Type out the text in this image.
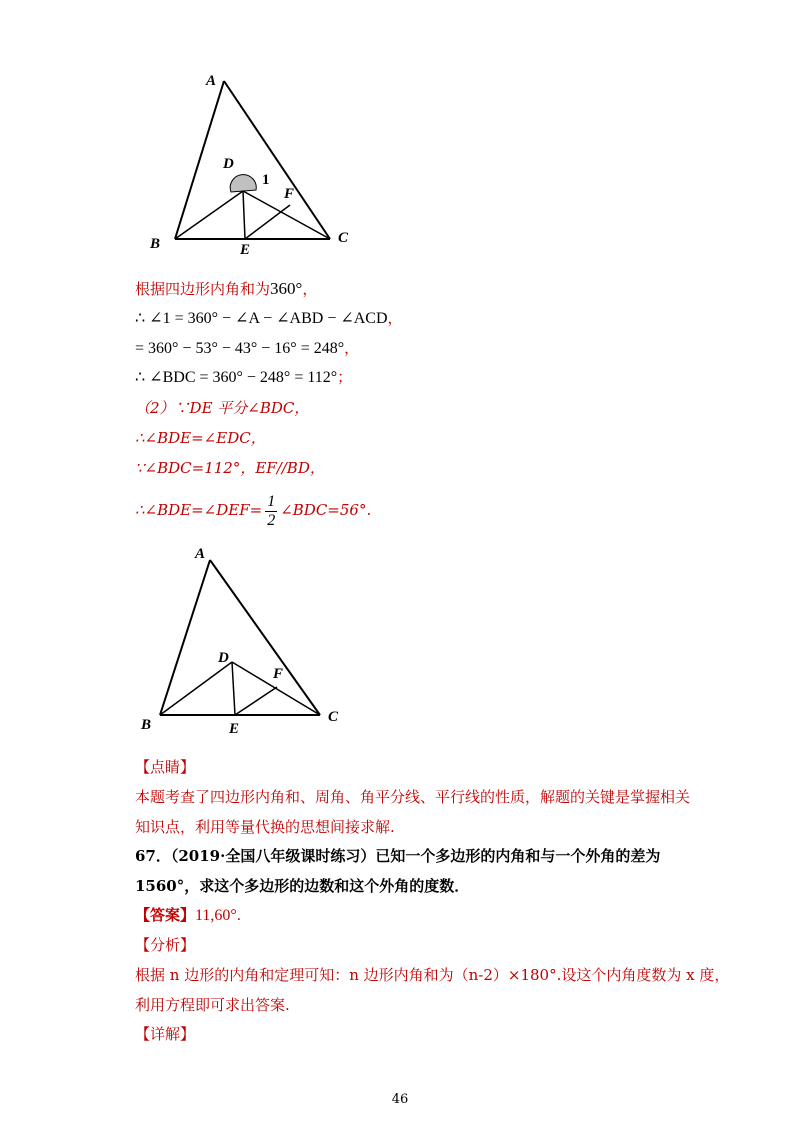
A
D
1
F
B	E
C
根据四边形内角和为360°，
∴ ∠1 = 360° − ∠A − ∠ABD − ∠ACD，
= 360° − 53° − 43° − 16° = 248°，
∴ ∠BDC = 360° − 248° = 112°；
（2）∵DE 平分∠BDC，
∴∠BDE=∠EDC，
∵∠BDC=112°，EF//BD，
∴∠BDE=∠DEF= $\frac{1}{2}$ ∠BDC=56°.
A
D
F
B	E
C
【点睛】
本题考查了四边形内角和、周角、角平分线、平行线的性质，解题的关键是掌握相关
知识点，利用等量代换的思想间接求解.
67．（2019·全国八年级课时练习）已知一个多边形的内角和与一个外角的差为
1560°，求这个多边形的边数和这个外角的度数．
【答案】11,60°.
【分析】
根据 n 边形的内角和定理可知：n 边形内角和为（n-2）×180°.设这个内角度数为 x 度，
利用方程即可求出答案.
【详解】
46
